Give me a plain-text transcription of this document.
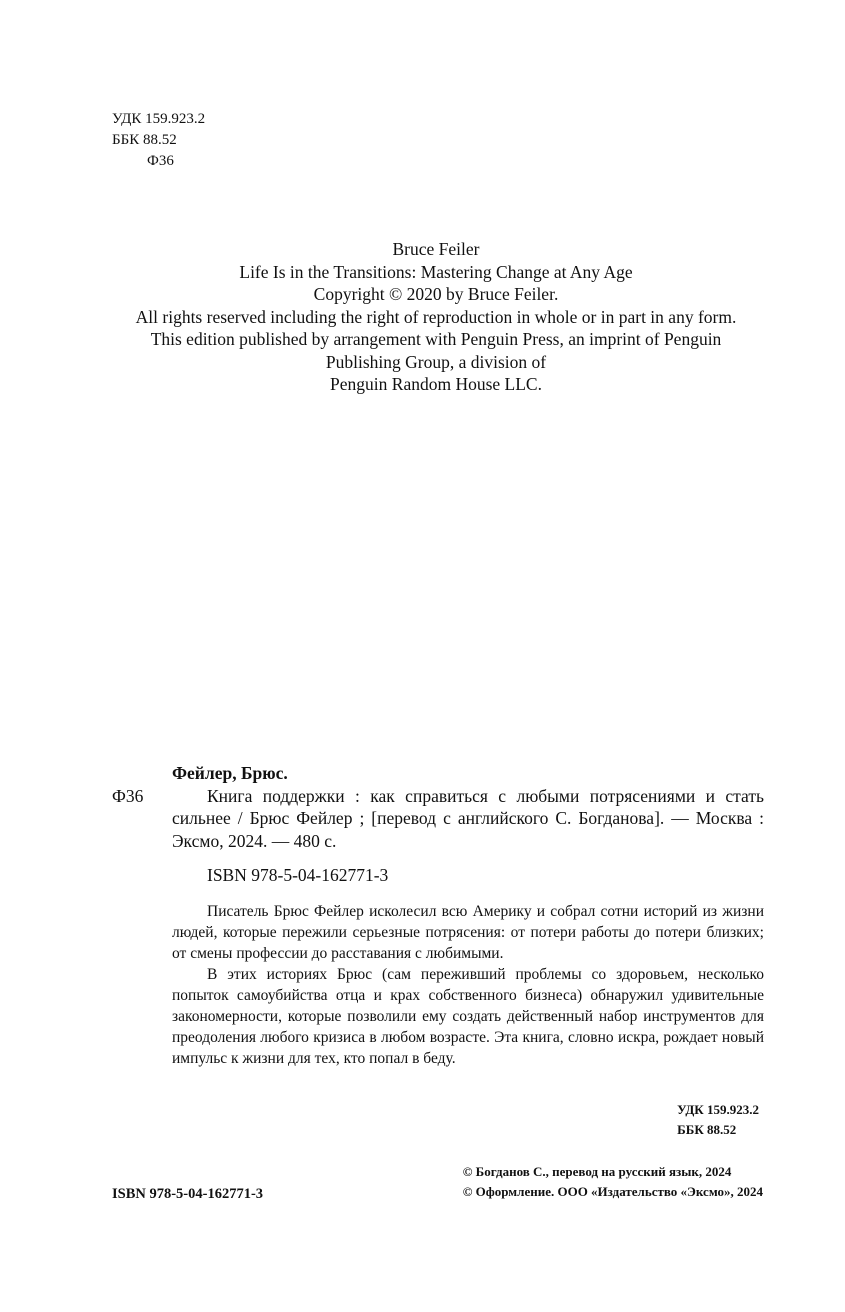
УДК 159.923.2
ББК 88.52
Ф36
Bruce Feiler
Life Is in the Transitions: Mastering Change at Any Age
Copyright © 2020 by Bruce Feiler.
All rights reserved including the right of reproduction in whole or in part in any form.
This edition published by arrangement with Penguin Press, an imprint of Penguin
Publishing Group, a division of
Penguin Random House LLC.
Фейлер, Брюс.
Ф36	Книга поддержки : как справиться с любыми потрясениями и стать сильнее / Брюс Фейлер ; [перевод с английского С. Богданова]. — Москва : Эксмо, 2024. — 480 с.
ISBN 978-5-04-162771-3

Писатель Брюс Фейлер исколесил всю Америку и собрал сотни историй из жизни людей, которые пережили серьезные потрясения: от потери работы до потери близких; от смены профессии до расставания с любимыми.

В этих историях Брюс (сам переживший проблемы со здоровьем, несколько попыток самоубийства отца и крах собственного бизнеса) обнаружил удивительные закономерности, которые позволили ему создать действенный набор инструментов для преодоления любого кризиса в любом возрасте. Эта книга, словно искра, рождает новый импульс к жизни для тех, кто попал в беду.

УДК 159.923.2
ББК 88.52
© Богданов С., перевод на русский язык, 2024
© Оформление. ООО «Издательство «Эксмо», 2024
ISBN 978-5-04-162771-3
